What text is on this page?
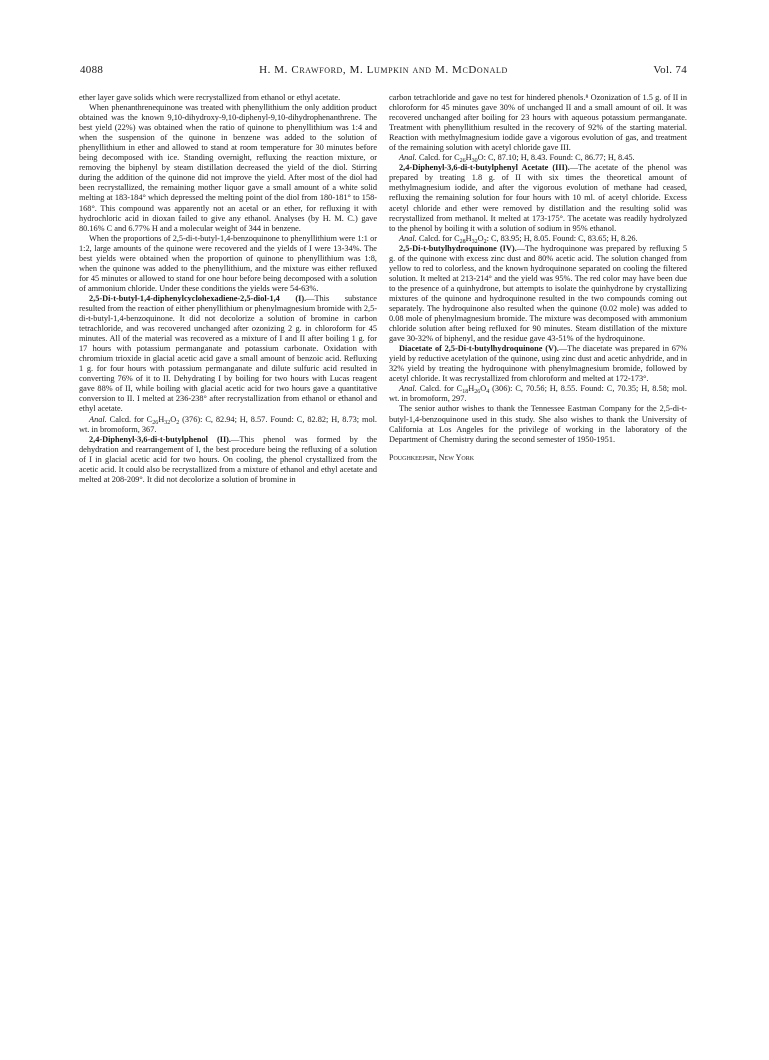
4088	H. M. Crawford, M. Lumpkin and M. McDonald	Vol. 74

ether layer gave solids which were recrystallized from ethanol or ethyl acetate.

When phenanthrenequinone was treated with phenyllithium the only addition product obtained was the known 9,10-dihydroxy-9,10-diphenyl-9,10-dihydrophenanthrene. The best yield (22%) was obtained when the ratio of quinone to phenyllithium was 1:4 and when the suspension of the quinone in benzene was added to the solution of phenyllithium in ether and allowed to stand at room temperature for 30 minutes before being decomposed with ice. Standing overnight, refluxing the reaction mixture, or removing the biphenyl by steam distillation decreased the yield of the diol. Stirring during the addition of the quinone did not improve the yield. After most of the diol had been recrystallized, the remaining mother liquor gave a small amount of a white solid melting at 183-184° which depressed the melting point of the diol from 180-181° to 158-168°. This compound was apparently not an acetal or an ether, for refluxing it with hydrochloric acid in dioxan failed to give any ethanol. Analyses (by H. M. C.) gave 80.16% C and 6.77% H and a molecular weight of 344 in benzene.

When the proportions of 2,5-di-t-butyl-1,4-benzoquinone to phenyllithium were 1:1 or 1:2, large amounts of the quinone were recovered and the yields of I were 13-34%. The best yields were obtained when the proportion of quinone to phenyllithium was 1:8, when the quinone was added to the phenyllithium, and the mixture was either refluxed for 45 minutes or allowed to stand for one hour before being decomposed with a solution of ammonium chloride. Under these conditions the yields were 54-63%.

2,5-Di-t-butyl-1,4-diphenylcyclohexadiene-2,5-diol-1,4 (I).—This substance resulted from the reaction of either phenyllithium or phenylmagnesium bromide with 2,5-di-t-butyl-1,4-benzoquinone. It did not decolorize a solution of bromine in carbon tetrachloride, and was recovered unchanged after ozonizing 2 g. in chloroform for 45 minutes. All of the material was recovered as a mixture of I and II after boiling 1 g. for 17 hours with potassium permanganate and potassium carbonate. Oxidation with chromium trioxide in glacial acetic acid gave a small amount of benzoic acid. Refluxing 1 g. for four hours with potassium permanganate and dilute sulfuric acid resulted in converting 76% of it to II. Dehydrating I by boiling for two hours with Lucas reagent gave 88% of II, while boiling with glacial acetic acid for two hours gave a quantitative conversion to II. I melted at 236-238° after recrystallization from ethanol or ethanol and ethyl acetate.

Anal. Calcd. for $C_{26}H_{32}O_2$ (376): C, 82.94; H, 8.57. Found: C, 82.82; H, 8.73; mol. wt. in bromoform, 367.

2,4-Diphenyl-3,6-di-t-butylphenol (II).—This phenol was formed by the dehydration and rearrangement of I, the best procedure being the refluxing of a solution of I in glacial acetic acid for two hours. On cooling, the phenol crystallized from the acetic acid. It could also be recrystallized from a mixture of ethanol and ethyl acetate and melted at 208-209°. It did not decolorize a solution of bromine in

carbon tetrachloride and gave no test for hindered phenols.⁸ Ozonization of 1.5 g. of II in chloroform for 45 minutes gave 30% of unchanged II and a small amount of oil. It was recovered unchanged after boiling for 23 hours with aqueous potassium permanganate. Treatment with phenyllithium resulted in the recovery of 92% of the starting material. Reaction with methylmagnesium iodide gave a vigorous evolution of gas, and treatment of the remaining solution with acetyl chloride gave III.

Anal. Calcd. for $C_{26}H_{30}O$: C, 87.10; H, 8.43. Found: C, 86.77; H, 8.45.

2,4-Diphenyl-3,6-di-t-butylphenyl Acetate (III).—The acetate of the phenol was prepared by treating 1.8 g. of II with six times the theoretical amount of methylmagnesium iodide, and after the vigorous evolution of methane had ceased, refluxing the remaining solution for four hours with 10 ml. of acetyl chloride. Excess acetyl chloride and ether were removed by distillation and the resulting solid was recrystallized from methanol. It melted at 173-175°. The acetate was readily hydrolyzed to the phenol by boiling it with a solution of sodium in 95% ethanol.

Anal. Calcd. for $C_{28}H_{32}O_2$: C, 83.95; H, 8.05. Found: C, 83.65; H, 8.26.

2,5-Di-t-butylhydroquinone (IV).—The hydroquinone was prepared by refluxing 5 g. of the quinone with excess zinc dust and 80% acetic acid. The solution changed from yellow to red to colorless, and the known hydroquinone separated on cooling the filtered solution. It melted at 213-214° and the yield was 95%. The red color may have been due to the presence of a quinhydrone, but attempts to isolate the quinhydrone by crystallizing mixtures of the quinone and hydroquinone resulted in the two compounds coming out separately. The hydroquinone also resulted when the quinone (0.02 mole) was added to 0.08 mole of phenylmagnesium bromide. The mixture was decomposed with ammonium chloride solution after being refluxed for 90 minutes. Steam distillation of the mixture gave 30-32% of biphenyl, and the residue gave 43-51% of the hydroquinone.

Diacetate of 2,5-Di-t-butylhydroquinone (V).—The diacetate was prepared in 67% yield by reductive acetylation of the quinone, using zinc dust and acetic anhydride, and in 32% yield by treating the hydroquinone with phenylmagnesium bromide, followed by acetyl chloride. It was recrystallized from chloroform and melted at 172-173°.

Anal. Calcd. for $C_{18}H_{26}O_4$ (306): C, 70.56; H, 8.55. Found: C, 70.35; H, 8.58; mol. wt. in bromoform, 297.

The senior author wishes to thank the Tennessee Eastman Company for the 2,5-di-t-butyl-1,4-benzoquinone used in this study. She also wishes to thank the University of California at Los Angeles for the privilege of working in the laboratory of the Department of Chemistry during the second semester of 1950-1951.

Poughkeepsie, New York
